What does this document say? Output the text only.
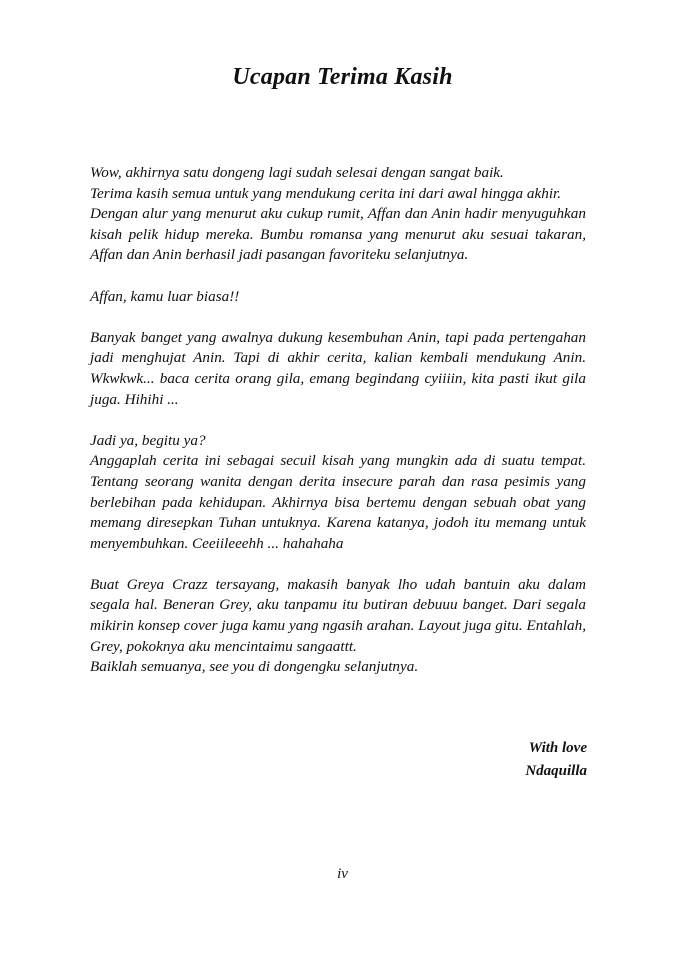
Ucapan Terima Kasih

Wow, akhirnya satu dongeng lagi sudah selesai dengan sangat baik.

Terima kasih semua untuk yang mendukung cerita ini dari awal hingga akhir.

Dengan alur yang menurut aku cukup rumit, Affan dan Anin hadir menyuguhkan kisah pelik hidup mereka. Bumbu romansa yang menurut aku sesuai takaran, Affan dan Anin berhasil jadi pasangan favoriteku selanjutnya.

Affan, kamu luar biasa!!

Banyak banget yang awalnya dukung kesembuhan Anin, tapi pada pertengahan jadi menghujat Anin. Tapi di akhir cerita, kalian kembali mendukung Anin. Wkwkwk... baca cerita orang gila, emang begindang cyiiiin, kita pasti ikut gila juga. Hihihi ...

Jadi ya, begitu ya?

Anggaplah cerita ini sebagai secuil kisah yang mungkin ada di suatu tempat. Tentang seorang wanita dengan derita insecure parah dan rasa pesimis yang berlebihan pada kehidupan. Akhirnya bisa bertemu dengan sebuah obat yang memang diresepkan Tuhan untuknya. Karena katanya, jodoh itu memang untuk menyembuhkan. Ceeiileeehh ... hahahaha

Buat Greya Crazz tersayang, makasih banyak lho udah bantuin aku dalam segala hal. Beneran Grey, aku tanpamu itu butiran debuuu banget. Dari segala mikirin konsep cover juga kamu yang ngasih arahan. Layout juga gitu. Entahlah, Grey, pokoknya aku mencintaimu sangaattt.

Baiklah semuanya, see you di dongengku selanjutnya.

With love
Ndaquilla
iv
